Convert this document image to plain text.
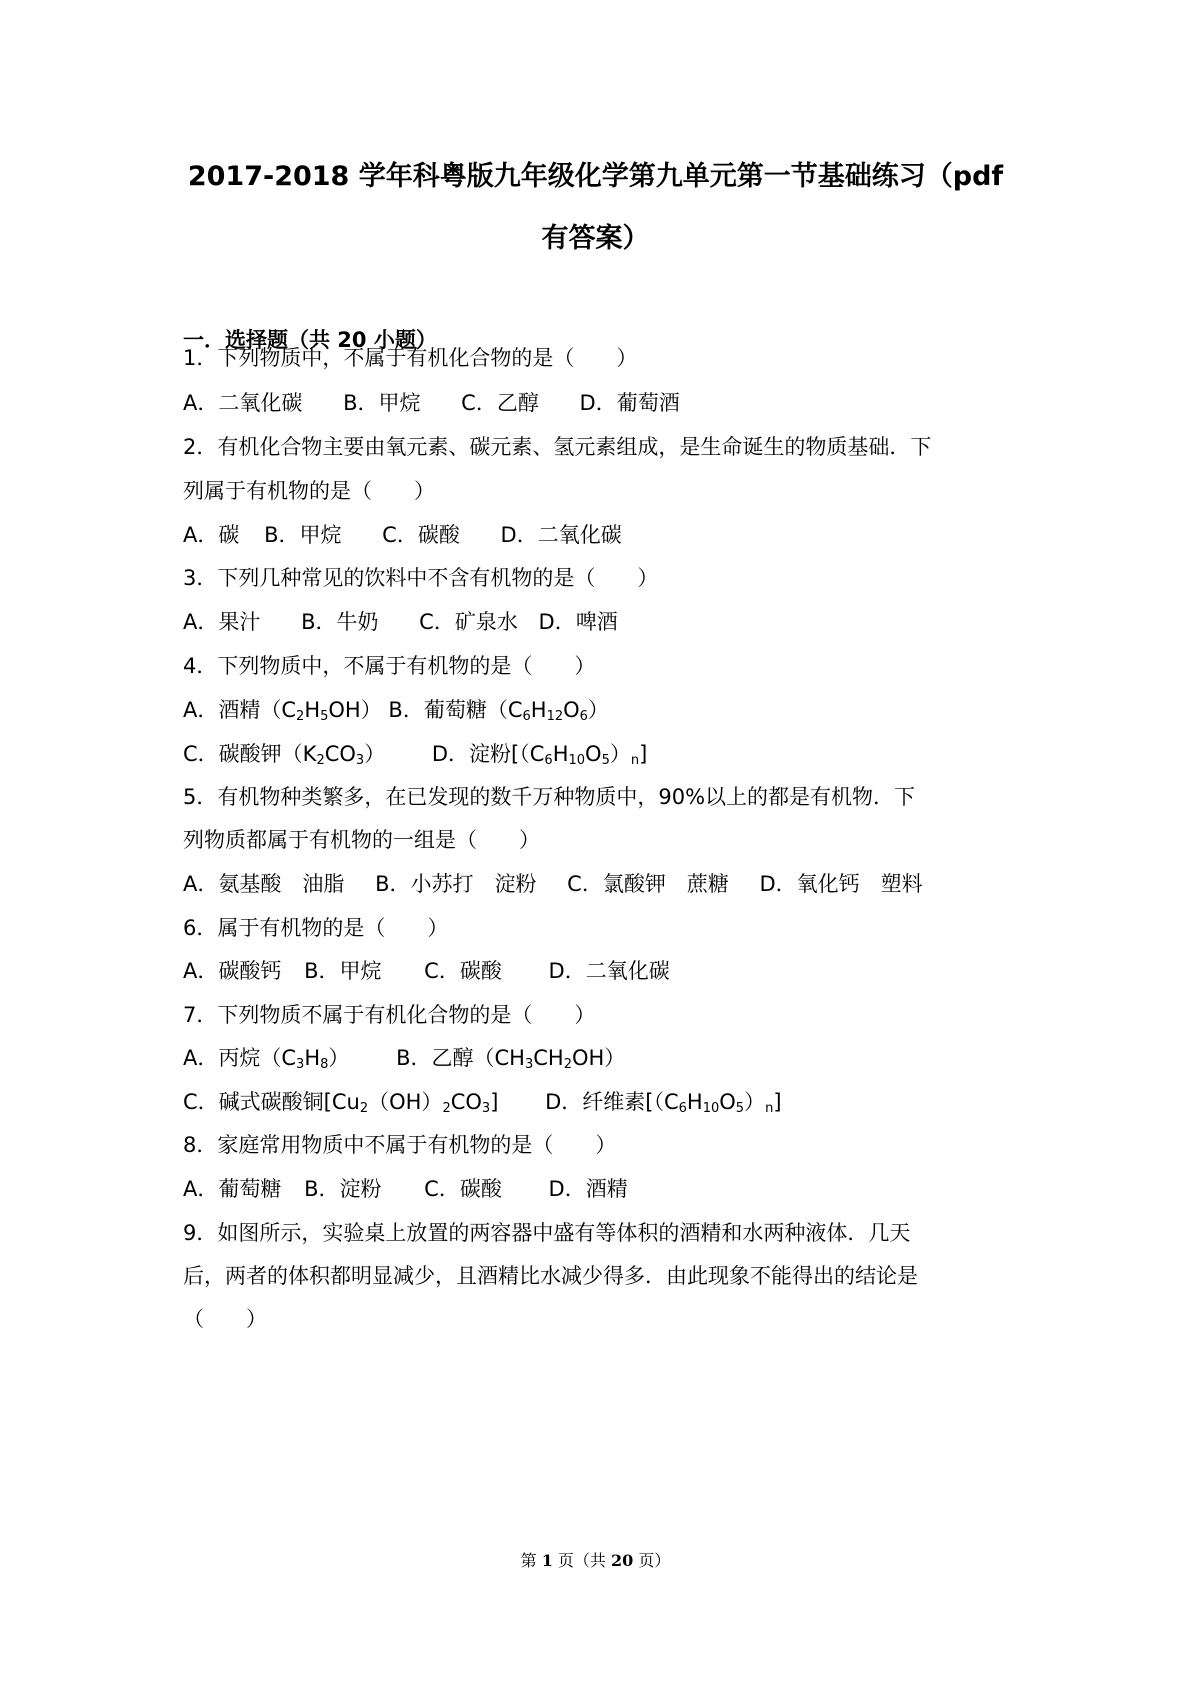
2017-2018 学年科粤版九年级化学第九单元第一节基础练习（pdf
有答案）
一．选择题（共 20 小题）
1．下列物质中，不属于有机化合物的是（　　）
A．二氧化碳 B．甲烷 C．乙醇 D．葡萄酒
2．有机化合物主要由氧元素、碳元素、氢元素组成，是生命诞生的物质基础．下
列属于有机物的是（　　）
A．碳 B．甲烷 C．碳酸 D．二氧化碳
3．下列几种常见的饮料中不含有机物的是（　　）
A．果汁 B．牛奶 C．矿泉水 D．啤酒
4．下列物质中，不属于有机物的是（　　）
A．酒精$(C_2H_5OH)$ B．葡萄糖$(C_6H_{12}O_6)$
C．碳酸钾$(K_2CO_3)$ D．淀粉$[(C_6H_{10}O_5)_n]$
5．有机物种类繁多，在已发现的数千万种物质中，90%以上的都是有机物．下
列物质都属于有机物的一组是（　　）
A．氨基酸　油脂 B．小苏打　淀粉 C．氯酸钾　蔗糖 D．氧化钙　塑料
6．属于有机物的是（　　）
A．碳酸钙 B．甲烷 C．碳酸 D．二氧化碳
7．下列物质不属于有机化合物的是（　　）
A．丙烷$(C_3H_8)$ B．乙醇$(CH_3CH_2OH)$
C．碱式碳酸铜$[Cu_2(OH)_2CO_3]$ D．纤维素$[(C_6H_{10}O_5)_n]$
8．家庭常用物质中不属于有机物的是（　　）
A．葡萄糖 B．淀粉 C．碳酸 D．酒精
9．如图所示，实验桌上放置的两容器中盛有等体积的酒精和水两种液体．几天
后，两者的体积都明显减少，且酒精比水减少得多．由此现象不能得出的结论是
（　　）
第 1 页（共 20 页）
